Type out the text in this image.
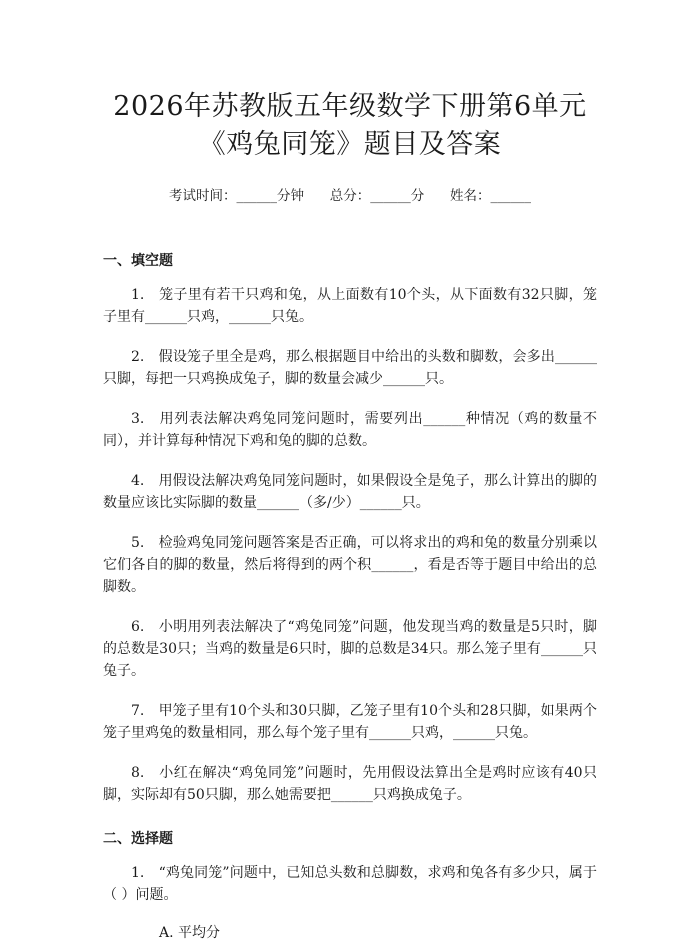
2026年苏教版五年级数学下册第6单元《鸡兔同笼》题目及答案
考试时间：______分钟      总分：______分      姓名：______
一、填空题

1.　笼子里有若干只鸡和兔，从上面数有10个头，从下面数有32只脚，笼子里有______只鸡，______只兔。

2.　假设笼子里全是鸡，那么根据题目中给出的头数和脚数，会多出______只脚，每把一只鸡换成兔子，脚的数量会减少______只。

3.　用列表法解决鸡兔同笼问题时，需要列出______种情况（鸡的数量不同），并计算每种情况下鸡和兔的脚的总数。

4.　用假设法解决鸡兔同笼问题时，如果假设全是兔子，那么计算出的脚的数量应该比实际脚的数量______（多/少）______只。

5.　检验鸡兔同笼问题答案是否正确，可以将求出的鸡和兔的数量分别乘以它们各自的脚的数量，然后将得到的两个积______，看是否等于题目中给出的总脚数。

6.　小明用列表法解决了“鸡兔同笼”问题，他发现当鸡的数量是5只时，脚的总数是30只；当鸡的数量是6只时，脚的总数是34只。那么笼子里有______只兔子。

7.　甲笼子里有10个头和30只脚，乙笼子里有10个头和28只脚，如果两个笼子里鸡兔的数量相同，那么每个笼子里有______只鸡，______只兔。

8.　小红在解决“鸡兔同笼”问题时，先用假设法算出全是鸡时应该有40只脚，实际却有50只脚，那么她需要把______只鸡换成兔子。

二、选择题

1.　“鸡兔同笼”问题中，已知总头数和总脚数，求鸡和兔各有多少只，属于（ ）问题。

A. 平均分
